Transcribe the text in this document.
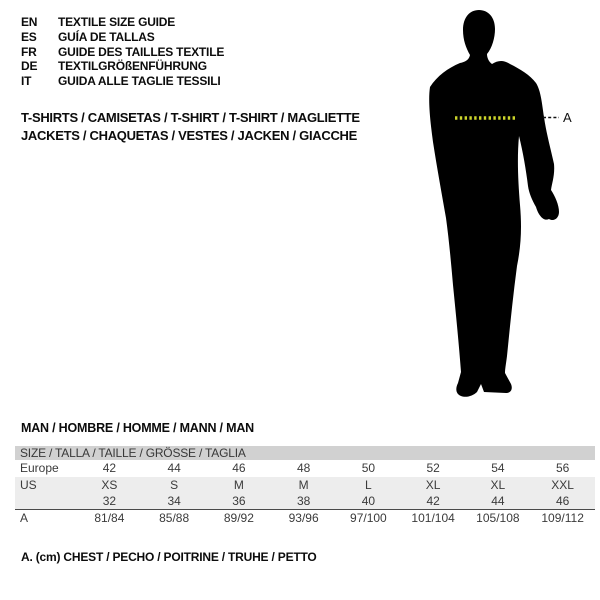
EN TEXTILE SIZE GUIDE
ES GUÍA DE TALLAS
FR GUIDE DES TAILLES TEXTILE
DE TEXTILGRÖßENFÜHRUNG
IT GUIDA ALLE TAGLIE TESSILI
T-SHIRTS / CAMISETAS / T-SHIRT / T-SHIRT / MAGLIETTE
JACKETS / CHAQUETAS / VESTES / JACKEN / GIACCHE
A
MAN / HOMBRE / HOMME / MANN / MAN
SIZE / TALLA / TAILLE / GRÖSSE / TAGLIA
Europe	42	44	46	48	50	52	54	56
US	XS	S	M	M	L	XL	XL	XXL
32	34	36	38	40	42	44	46
A	81/84	85/88	89/92	93/96	97/100	101/104	105/108	109/112
A. (cm) CHEST / PECHO / POITRINE / TRUHE / PETTO
